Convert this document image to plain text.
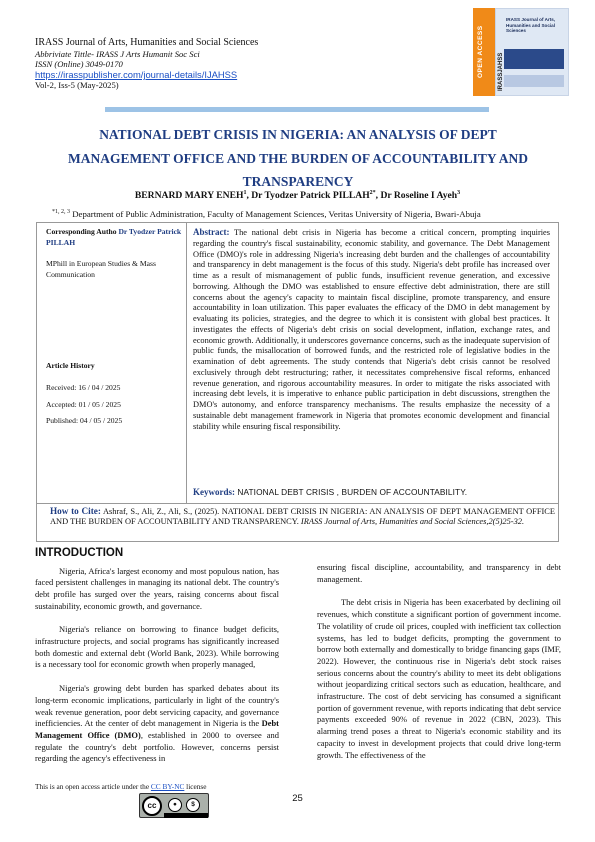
IRASS Journal of Arts, Humanities and Social Sciences
Abbriviate Tittle- IRASS J Arts Humanit Soc Sci
ISSN (Online) 3049-0170
https://irasspublisher.com/journal-details/IJAHSS
Vol-2, Iss-5 (May-2025)
OPEN ACCESS IRASSJAHSS
IRASS Journal of Arts, Humanities and Social Sciences
NATIONAL DEBT CRISIS IN NIGERIA: AN ANALYSIS OF DEPT MANAGEMENT OFFICE AND THE BURDEN OF ACCOUNTABILITY AND TRANSPARENCY
BERNARD MARY ENEH$^1$, Dr Tyodzer Patrick $PILLAH^{2*}$, Dr Roseline I Ayeh$^3$
$^{*1, 2, 3}$ Department of Public Administration, Faculty of Management Sciences, Veritas University of Nigeria, Bwari-Abuja
Corresponding Autho Dr Tyodzer Patrick PILLAH
MPhill in European Studies & Mass Communication
Article History
Received: 16 / 04 / 2025
Accepted: 01 / 05 / 2025
Published: 04 / 05 / 2025
Abstract: The national debt crisis in Nigeria has become a critical concern, prompting inquiries regarding the country's fiscal sustainability, economic stability, and governance. The Debt Management Office (DMO)'s role in addressing Nigeria's increasing debt burden and the challenges of accountability and transparency in debt management is the focus of this study. Nigeria's debt profile has increased over time as a result of mismanagement of public funds, insufficient revenue generation, and excessive borrowing. Although the DMO was established to ensure effective debt administration, there are still concerns about the agency's capacity to maintain fiscal discipline, promote transparency, and ensure accountability in loan utilization. This paper evaluates the efficacy of the DMO in debt management by evaluating its policies, strategies, and the degree to which it is consistent with global best practices. It investigates the effects of Nigeria's debt crisis on social development, inflation, exchange rates, and economic growth. Additionally, it underscores governance concerns, such as the inadequate supervision of public funds, the misallocation of borrowed funds, and the restricted role of legislative bodies in the examination of debt agreements. The study contends that Nigeria's debt crisis cannot be resolved exclusively through debt restructuring; rather, it necessitates comprehensive fiscal reforms, enhanced revenue generation, and rigorous accountability measures. In order to mitigate the risks associated with increasing debt levels, it is imperative to enhance public participation in debt discussions, strengthen the DMO's autonomy, and enforce transparency mechanisms. The results emphasize the necessity of a sustainable debt management framework in Nigeria that promotes economic development and financial stability while ensuring fiscal responsibility.
Keywords: NATIONAL DEBT CRISIS , BURDEN OF ACCOUNTABILITY.
How to Cite: Ashraf, S., Ali, Z., Ali, S., (2025). NATIONAL DEBT CRISIS IN NIGERIA: AN ANALYSIS OF DEPT MANAGEMENT OFFICE AND THE BURDEN OF ACCOUNTABILITY AND TRANSPARENCY. IRASS Journal of Arts, Humanities and Social Sciences,2(5)25-32.
INTRODUCTION

Nigeria, Africa's largest economy and most populous nation, has faced persistent challenges in managing its national debt. The country's debt profile has surged over the years, raising concerns about fiscal sustainability, economic growth, and governance.

Nigeria's reliance on borrowing to finance budget deficits, infrastructure projects, and social programs has significantly increased both domestic and external debt (World Bank, 2023). While borrowing is a necessary tool for economic growth when properly managed,

Nigeria's growing debt burden has sparked debates about its long-term economic implications, particularly in light of the country's weak revenue generation, poor debt servicing capacity, and governance inefficiencies. At the center of debt management in Nigeria is the Debt Management Office (DMO), established in 2000 to oversee and regulate the country's debt portfolio. However, concerns persist regarding the agency's effectiveness in

ensuring fiscal discipline, accountability, and transparency in debt management.

The debt crisis in Nigeria has been exacerbated by declining oil revenues, which constitute a significant portion of government income. The volatility of crude oil prices, coupled with inefficient tax collection systems, has led to budget deficits, prompting the government to borrow both externally and domestically to bridge financing gaps (IMF, 2022). However, the continuous rise in Nigeria's debt stock raises serious concerns about the country's ability to meet its debt obligations without jeopardizing critical sectors such as education, healthcare, and infrastructure. The cost of debt servicing has consumed a significant portion of government revenue, with reports indicating that debt service payments exceeded 90% of revenue in 2022 (CBN, 2023). This alarming trend poses a threat to Nigeria's economic stability and its capacity to invest in development projects that could drive long-term growth. The effectiveness of the

This is an open access article under the CC BY-NC license
cc	●	$
25
